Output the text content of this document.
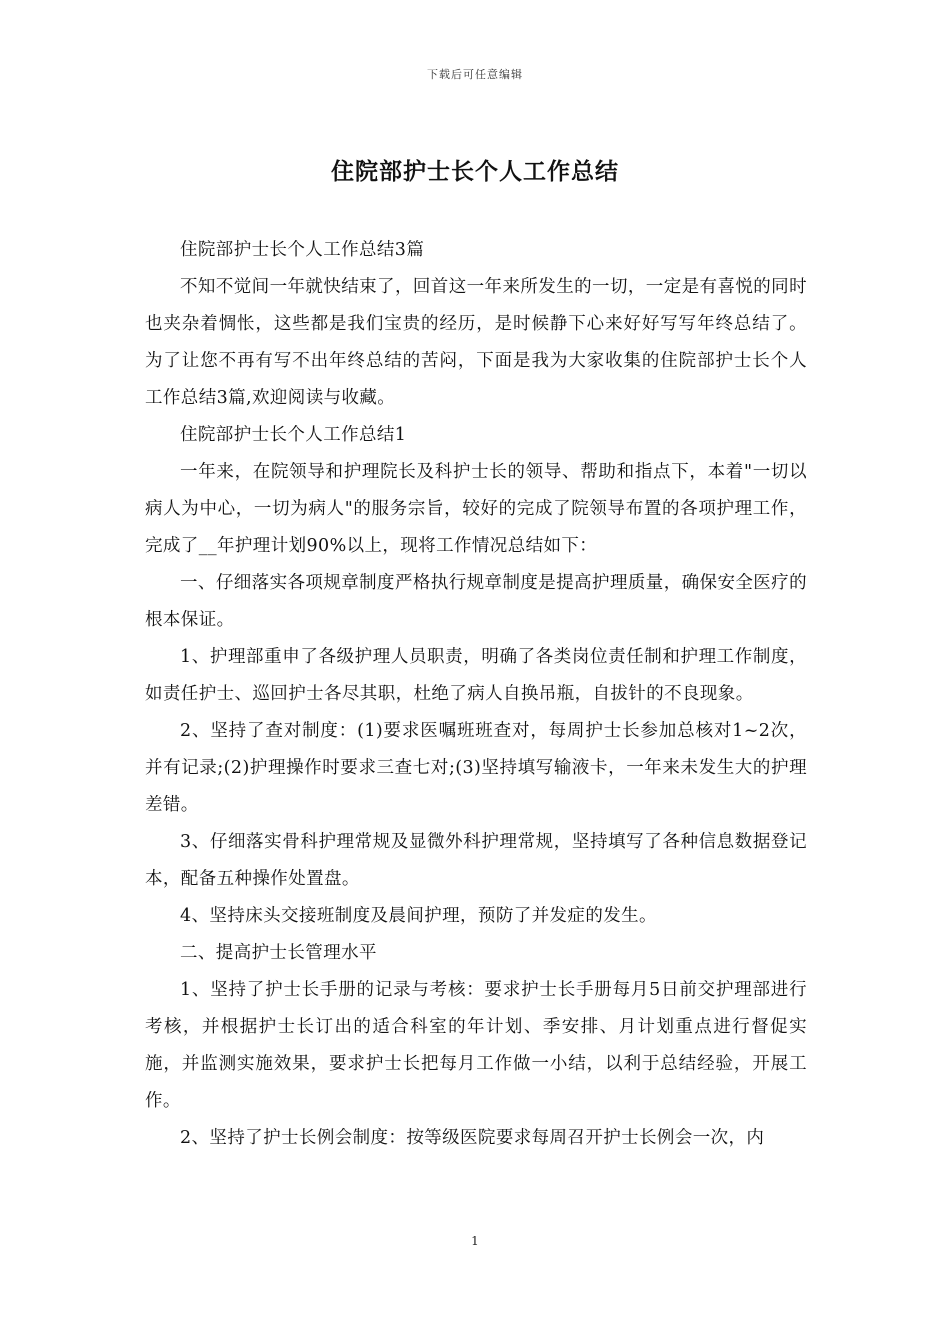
下载后可任意编辑
住院部护士长个人工作总结

住院部护士长个人工作总结3篇

不知不觉间一年就快结束了，回首这一年来所发生的一切，一定是有喜悦的同时也夹杂着惆怅，这些都是我们宝贵的经历，是时候静下心来好好写写年终总结了。为了让您不再有写不出年终总结的苦闷，下面是我为大家收集的住院部护士长个人工作总结3篇,欢迎阅读与收藏。

住院部护士长个人工作总结1

一年来，在院领导和护理院长及科护士长的领导、帮助和指点下，本着"一切以病人为中心，一切为病人"的服务宗旨，较好的完成了院领导布置的各项护理工作，完成了__年护理计划90%以上，现将工作情况总结如下：

一、仔细落实各项规章制度严格执行规章制度是提高护理质量，确保安全医疗的根本保证。

1、护理部重申了各级护理人员职责，明确了各类岗位责任制和护理工作制度，如责任护士、巡回护士各尽其职，杜绝了病人自换吊瓶，自拔针的不良现象。

2、坚持了查对制度：(1)要求医嘱班班查对，每周护士长参加总核对1~2次，并有记录;(2)护理操作时要求三查七对;(3)坚持填写输液卡，一年来未发生大的护理差错。

3、仔细落实骨科护理常规及显微外科护理常规，坚持填写了各种信息数据登记本，配备五种操作处置盘。

4、坚持床头交接班制度及晨间护理，预防了并发症的发生。

二、提高护士长管理水平

1、坚持了护士长手册的记录与考核：要求护士长手册每月5日前交护理部进行考核，并根据护士长订出的适合科室的年计划、季安排、月计划重点进行督促实施，并监测实施效果，要求护士长把每月工作做一小结，以利于总结经验，开展工作。

2、坚持了护士长例会制度：按等级医院要求每周召开护士长例会一次，内

1
